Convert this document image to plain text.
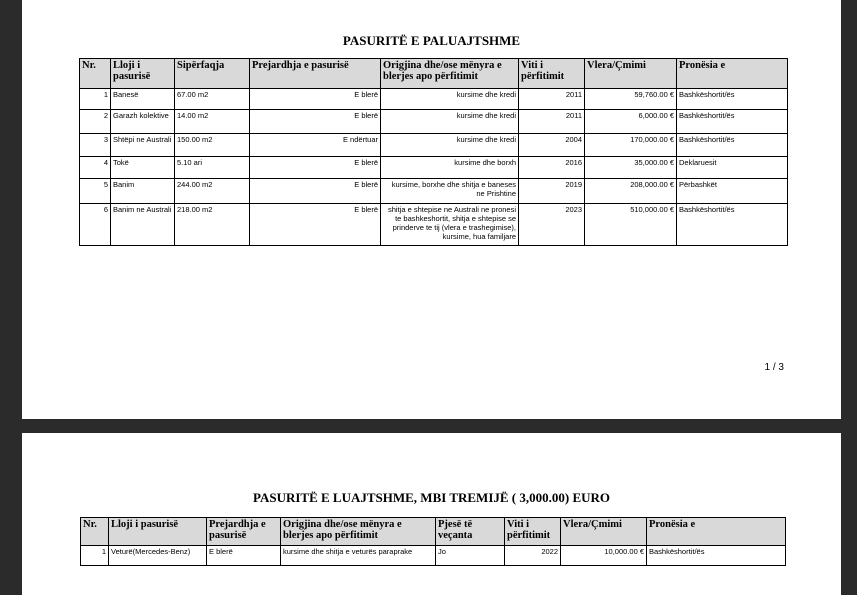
PASURITË E PALUAJTSHME
Nr.	Lloji i pasurisë	Sipërfaqja	Prejardhja e pasurisë	Origjina dhe/ose mënyra e blerjes apo përfitimit	Viti i përfitimit	Vlera/Çmimi	Pronësia e
1	Banesë	67.00 m2	E blerë	kursime dhe kredi	2011	59,760.00 €	Bashkëshortit/ës
2	Garazh kolektive	14.00 m2	E blerë	kursime dhe kredi	2011	6,000.00 €	Bashkëshortit/ës
3	Shtëpi ne Australi	150.00 m2	E ndërtuar	kursime dhe kredi	2004	170,000.00 €	Bashkëshortit/ës
4	Tokë	5.10 ari	E blerë	kursime dhe borxh	2016	35,000.00 €	Deklaruesit
5	Banim	244.00 m2	E blerë	kursime, borxhe dhe shitja e baneses ne Prishtine	2019	208,000.00 €	Përbashkët
6	Banim ne Australi	218.00 m2	E blerë	shitja e shtepise ne Australi ne pronesi te bashkeshortit, shitja e shtepise se prinderve te tij (vlera e trashegimise), kursime, hua familjare	2023	510,000.00 €	Bashkëshortit/ës
1 / 3
PASURITË E LUAJTSHME, MBI TREMIJË ( 3,000.00) EURO
Nr.	Lloji i pasurisë	Prejardhja e pasurisë	Origjina dhe/ose mënyra e blerjes apo përfitimit	Pjesë të veçanta	Viti i përfitimit	Vlera/Çmimi	Pronësia e
1	Veturë(Mercedes-Benz)	E blerë	kursime dhe shitja e veturës paraprake	Jo	2022	10,000.00 €	Bashkëshortit/ës
